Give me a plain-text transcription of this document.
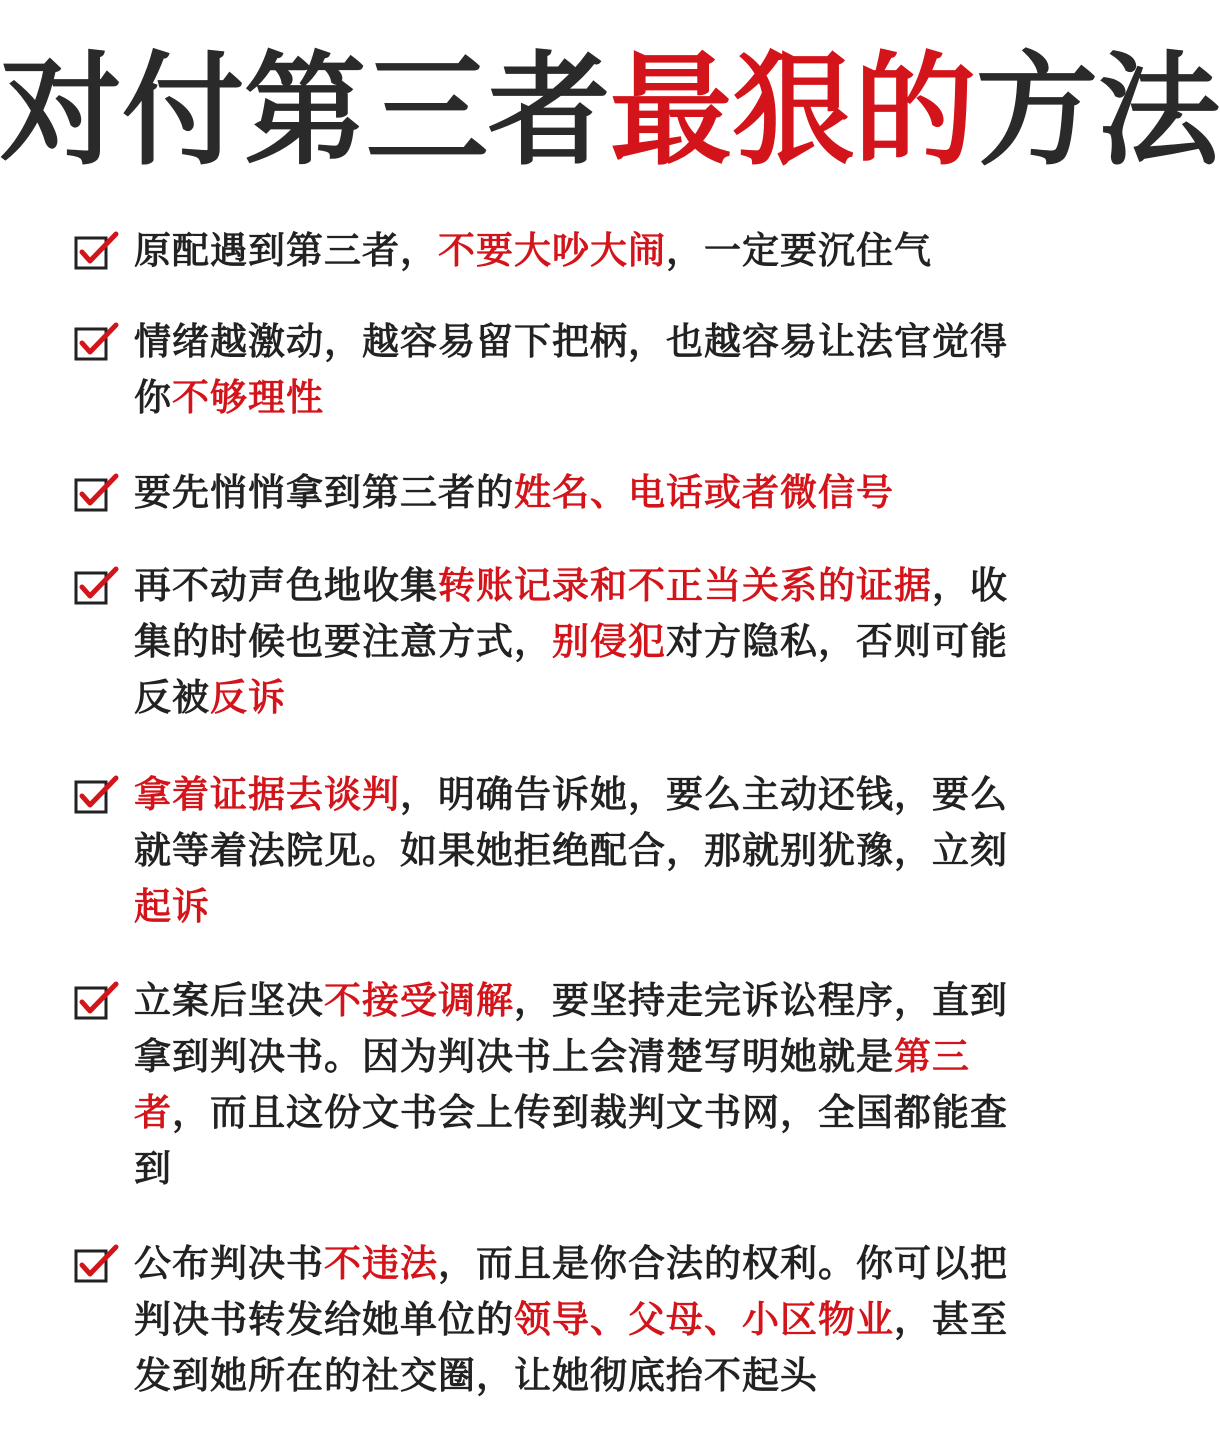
对付第三者最狠的方法
原配遇到第三者，不要大吵大闹，一定要沉住气
情绪越激动，越容易留下把柄，也越容易让法官觉得你不够理性
要先悄悄拿到第三者的姓名、电话或者微信号
再不动声色地收集转账记录和不正当关系的证据，收集的时候也要注意方式，别侵犯对方隐私，否则可能反被反诉
拿着证据去谈判，明确告诉她，要么主动还钱，要么就等着法院见。如果她拒绝配合，那就别犹豫，立刻起诉
立案后坚决不接受调解，要坚持走完诉讼程序，直到拿到判决书。因为判决书上会清楚写明她就是第三者，而且这份文书会上传到裁判文书网，全国都能查到
公布判决书不违法，而且是你合法的权利。你可以把判决书转发给她单位的领导、父母、小区物业，甚至发到她所在的社交圈，让她彻底抬不起头
